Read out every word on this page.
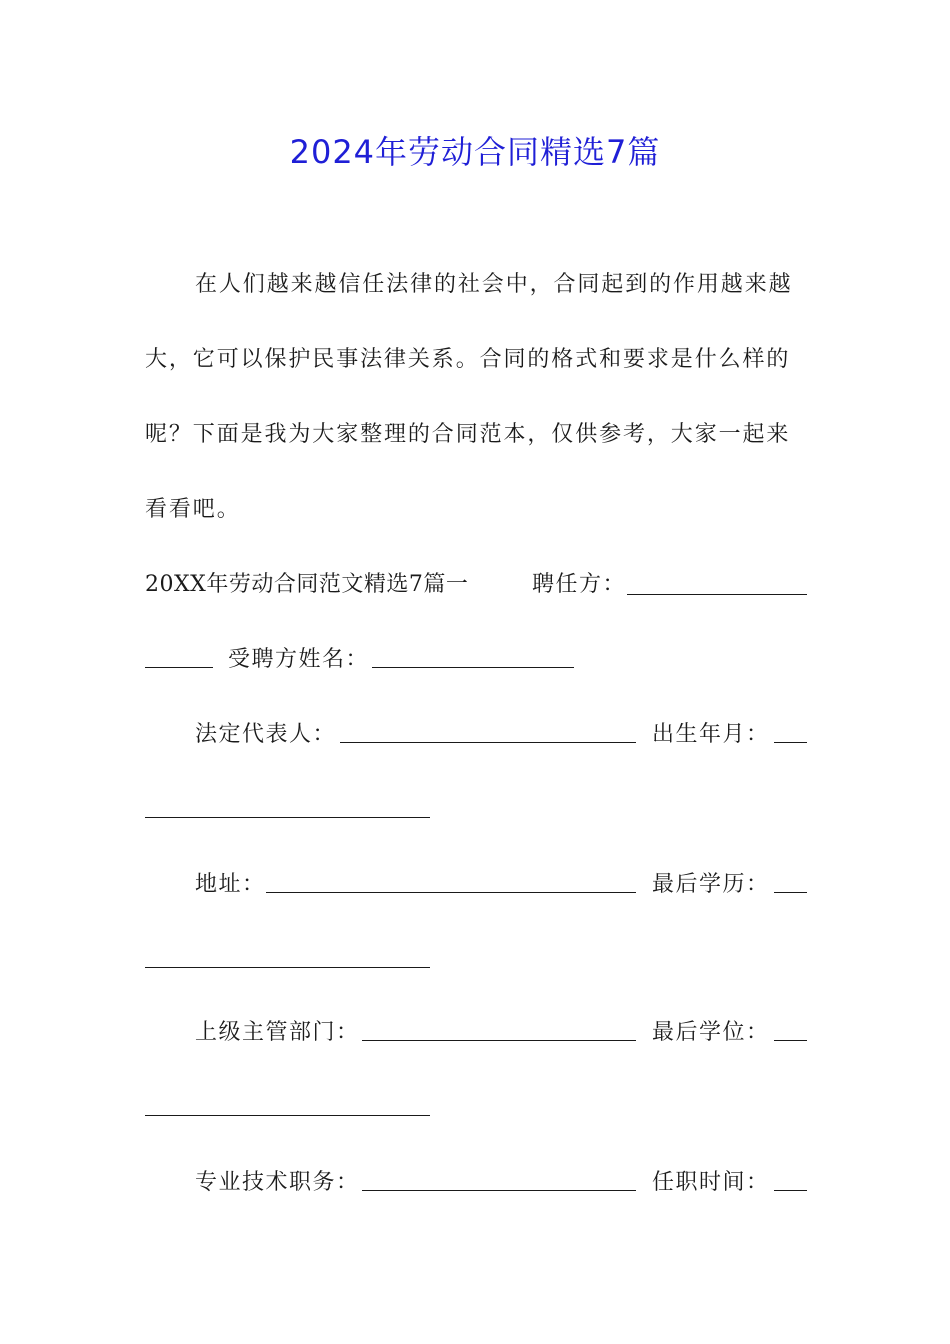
2024年劳动合同精选7篇
在人们越来越信任法律的社会中，合同起到的作用越来越
大，它可以保护民事法律关系。合同的格式和要求是什么样的
呢？下面是我为大家整理的合同范本，仅供参考，大家一起来
看看吧。
20XX年劳动合同范文精选7篇一	聘任方：
受聘方姓名：
法定代表人：	出生年月：
地址：	最后学历：
上级主管部门：	最后学位：
专业技术职务：	任职时间：
